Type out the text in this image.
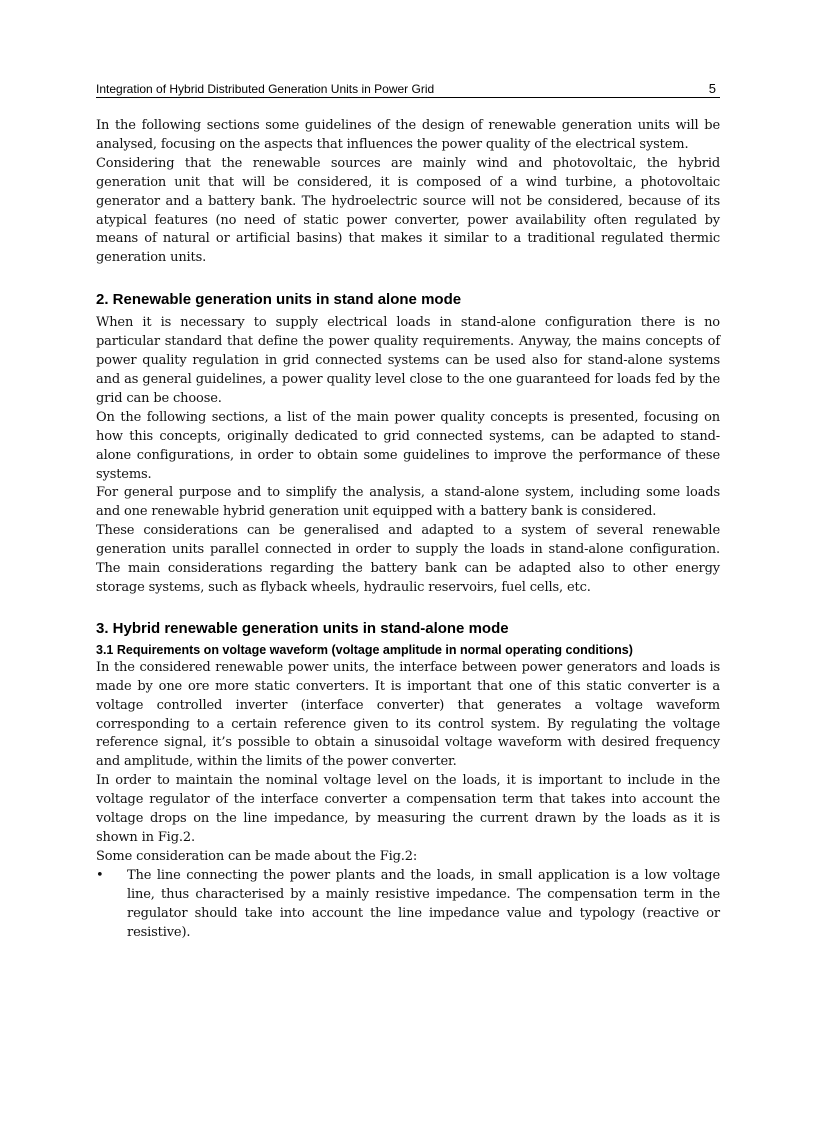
Integration of Hybrid Distributed Generation Units in Power Grid	5

In the following sections some guidelines of the design of renewable generation units will be analysed, focusing on the aspects that influences the power quality of the electrical system.

Considering that the renewable sources are mainly wind and photovoltaic, the hybrid generation unit that will be considered, it is composed of a wind turbine, a photovoltaic generator and a battery bank. The hydroelectric source will not be considered, because of its atypical features (no need of static power converter, power availability often regulated by means of natural or artificial basins) that makes it similar to a traditional regulated thermic generation units.

2. Renewable generation units in stand alone mode

When it is necessary to supply electrical loads in stand-alone configuration there is no particular standard that define the power quality requirements. Anyway, the mains concepts of power quality regulation in grid connected systems can be used also for stand-alone systems and as general guidelines, a power quality level close to the one guaranteed for loads fed by the grid can be choose.

On the following sections, a list of the main power quality concepts is presented, focusing on how this concepts, originally dedicated to grid connected systems, can be adapted to stand-alone configurations, in order to obtain some guidelines to improve the performance of these systems.

For general purpose and to simplify the analysis, a stand-alone system, including some loads and one renewable hybrid generation unit equipped with a battery bank is considered.

These considerations can be generalised and adapted to a system of several renewable generation units parallel connected in order to supply the loads in stand-alone configuration. The main considerations regarding the battery bank can be adapted also to other energy storage systems, such as flyback wheels, hydraulic reservoirs, fuel cells, etc.

3. Hybrid renewable generation units in stand-alone mode
3.1 Requirements on voltage waveform (voltage amplitude in normal operating conditions)

In the considered renewable power units, the interface between power generators and loads is made by one ore more static converters. It is important that one of this static converter is a voltage controlled inverter (interface converter) that generates a voltage waveform corresponding to a certain reference given to its control system. By regulating the voltage reference signal, it’s possible to obtain a sinusoidal voltage waveform with desired frequency and amplitude, within the limits of the power converter.

In order to maintain the nominal voltage level on the loads, it is important to include in the voltage regulator of the interface converter a compensation term that takes into account the voltage drops on the line impedance, by measuring the current drawn by the loads as it is shown in Fig.2.

Some consideration can be made about the Fig.2:

• The line connecting the power plants and the loads, in small application is a low voltage line, thus characterised by a mainly resistive impedance. The compensation term in the regulator should take into account the line impedance value and typology (reactive or resistive).
